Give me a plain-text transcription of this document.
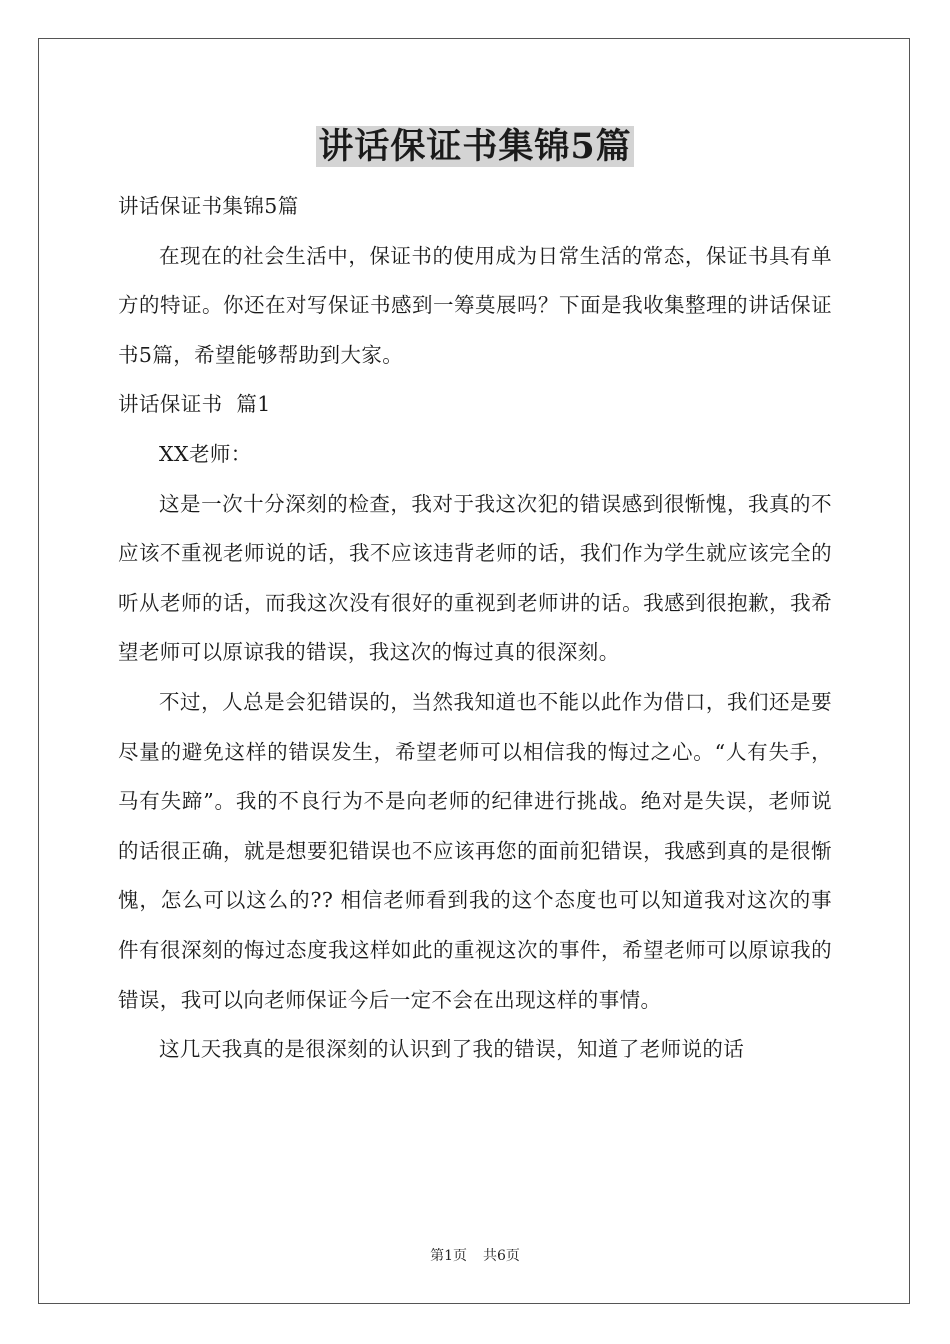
讲话保证书集锦5篇

讲话保证书集锦5篇

在现在的社会生活中，保证书的使用成为日常生活的常态，保证书具有单方的特证。你还在对写保证书感到一筹莫展吗？下面是我收集整理的讲话保证书5篇，希望能够帮助到大家。

讲话保证书  篇1

XX老师：

这是一次十分深刻的检查，我对于我这次犯的错误感到很惭愧，我真的不应该不重视老师说的话，我不应该违背老师的话，我们作为学生就应该完全的听从老师的话，而我这次没有很好的重视到老师讲的话。我感到很抱歉，我希望老师可以原谅我的错误，我这次的悔过真的很深刻。

不过，人总是会犯错误的，当然我知道也不能以此作为借口，我们还是要尽量的避免这样的错误发生，希望老师可以相信我的悔过之心。“人有失手，马有失蹄”。我的不良行为不是向老师的纪律进行挑战。绝对是失误，老师说的话很正确，就是想要犯错误也不应该再您的面前犯错误，我感到真的是很惭愧，怎么可以这么的?? 相信老师看到我的这个态度也可以知道我对这次的事件有很深刻的悔过态度我这样如此的重视这次的事件，希望老师可以原谅我的错误，我可以向老师保证今后一定不会在出现这样的事情。

这几天我真的是很深刻的认识到了我的错误，知道了老师说的话

第1页 共6页
